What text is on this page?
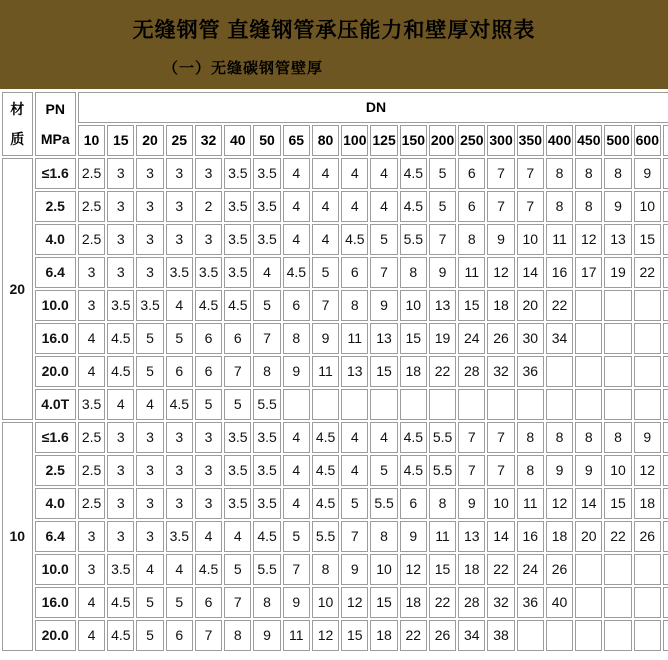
无缝钢管 直缝钢管承压能力和壁厚对照表
（一）无缝碳钢管壁厚
材
质

PN
MPa
	DN
		10	15	20	25	32	40	50	65	80	100	125	150	200	250	300	350	400	450	500	600	
20	≤1.6	2.5	3	3	3	3	3.5	3.5	4	4	4	4	4.5	5	6	7	7	8	8	8	9	
	2.5	2.5	3	3	3	2	3.5	3.5	4	4	4	4	4.5	5	6	7	7	8	8	9	10	
	4.0	2.5	3	3	3	3	3.5	3.5	4	4	4.5	5	5.5	7	8	9	10	11	12	13	15	
	6.4	3	3	3	3.5	3.5	3.5	4	4.5	5	6	7	8	9	11	12	14	16	17	19	22	
	10.0	3	3.5	3.5	4	4.5	4.5	5	6	7	8	9	10	13	15	18	20	22				
	16.0	4	4.5	5	5	6	6	7	8	9	11	13	15	19	24	26	30	34				
	20.0	4	4.5	5	6	6	7	8	9	11	13	15	18	22	28	32	36					
	4.0T	3.5	4	4	4.5	5	5	5.5														
10	≤1.6	2.5	3	3	3	3	3.5	3.5	4	4.5	4	4	4.5	5.5	7	7	8	8	8	8	9	
	2.5	2.5	3	3	3	3	3.5	3.5	4	4.5	4	5	4.5	5.5	7	7	8	9	9	10	12	
	4.0	2.5	3	3	3	3	3.5	3.5	4	4.5	5	5.5	6	8	9	10	11	12	14	15	18	
	6.4	3	3	3	3.5	4	4	4.5	5	5.5	7	8	9	11	13	14	16	18	20	22	26	
	10.0	3	3.5	4	4	4.5	5	5.5	7	8	9	10	12	15	18	22	24	26				
	16.0	4	4.5	5	5	6	7	8	9	10	12	15	18	22	28	32	36	40				
	20.0	4	4.5	5	6	7	8	9	11	12	15	18	22	26	34	38						
